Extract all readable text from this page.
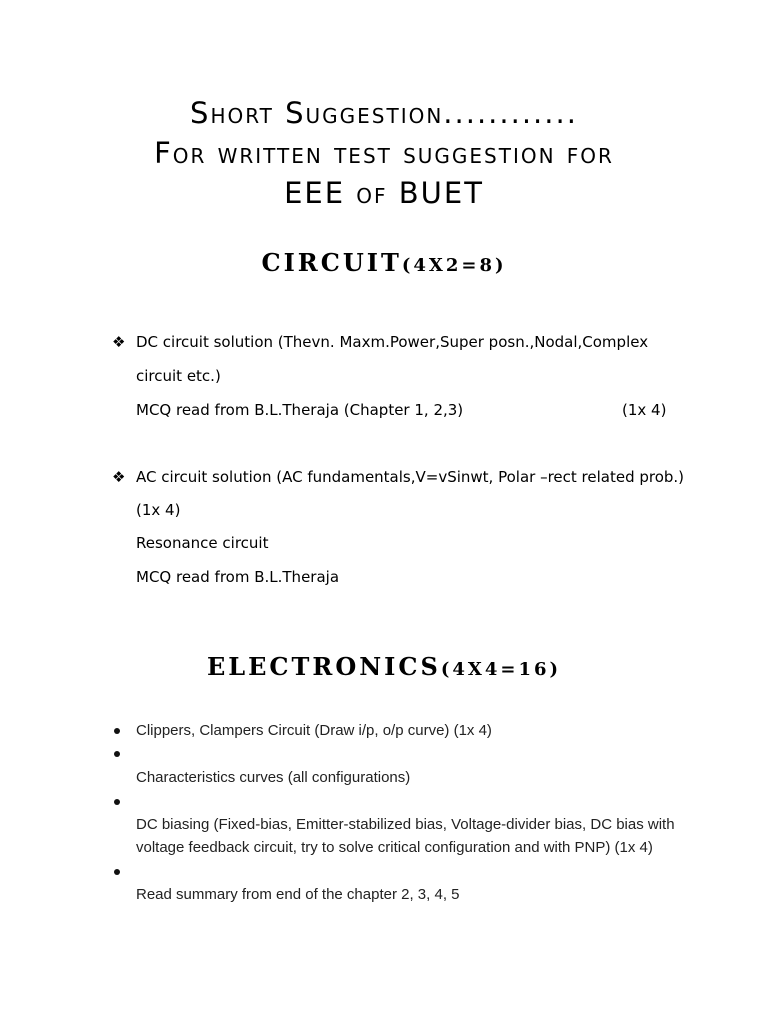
Short Suggestion............
For written test suggestion for
EEE of BUET
CIRCUIT(4X2=8)
❖ DC circuit solution (Thevn. Maxm.Power,Super posn.,Nodal,Complex
circuit etc.)
MCQ read from B.L.Theraja (Chapter 1, 2,3)	(1x 4)
❖ AC circuit solution (AC fundamentals,V=vSinwt, Polar –rect related prob.)
(1x 4)
Resonance circuit
MCQ read from B.L.Theraja
ELECTRONICS(4X4=16)
Clippers, Clampers Circuit (Draw i/p, o/p curve) (1x 4)
Characteristics curves (all configurations)
DC biasing (Fixed-bias, Emitter-stabilized bias, Voltage-divider bias, DC bias with
voltage feedback circuit, try to solve critical configuration and with PNP) (1x 4)
Read summary from end of the chapter 2, 3, 4, 5
